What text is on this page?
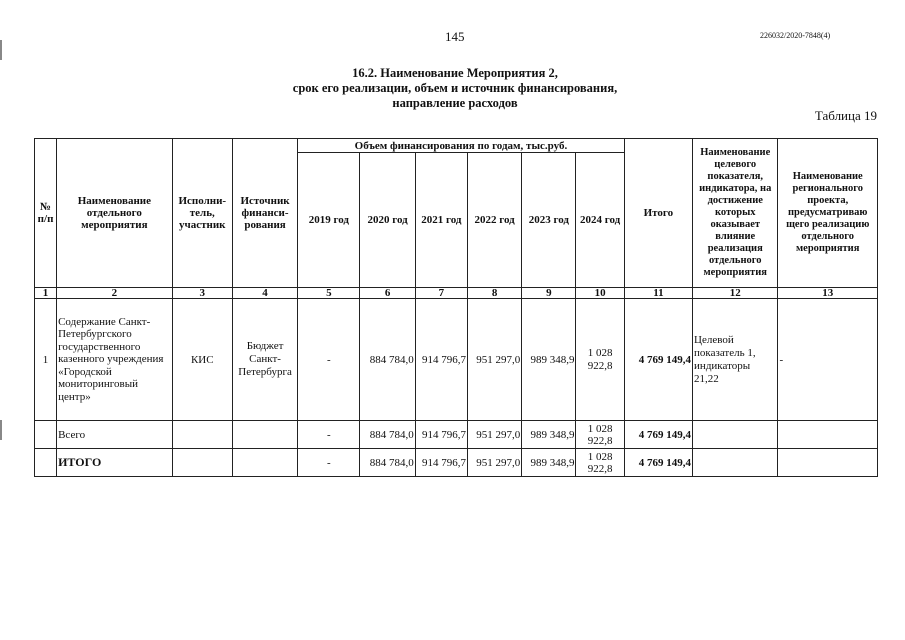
145	226032/2020-7848(4)
16.2. Наименование Мероприятия 2,
срок его реализации, объем и источник финансирования,
направление расходов
Таблица 19
№ п/п	Наименование отдельного мероприятия	Исполни- тель, участник	Источник финанси- рования	Объем финансирования по годам, тыс.руб.						Итого	Наименование целевого показателя, индикатора, на достижение которых оказывает влияние реализация отдельного мероприятия	Наименование регионального проекта, предусматриваю щего реализацию отдельного мероприятия
				2019 год	2020 год	2021 год	2022 год	2023 год	2024 год			
1	2	3	4	5	6	7	8	9	10	11	12	13
1	Содержание Санкт-Петербургского государственного казенного учреждения «Городской мониторинговый центр»	КИС	Бюджет Санкт-Петербурга	-	884 784,0	914 796,7	951 297,0	989 348,9	1 028 922,8	4 769 149,4	Целевой показатель 1, индикаторы 21,22	-
	Всего			-	884 784,0	914 796,7	951 297,0	989 348,9	1 028 922,8	4 769 149,4		
	ИТОГО			-	884 784,0	914 796,7	951 297,0	989 348,9	1 028 922,8	4 769 149,4		
